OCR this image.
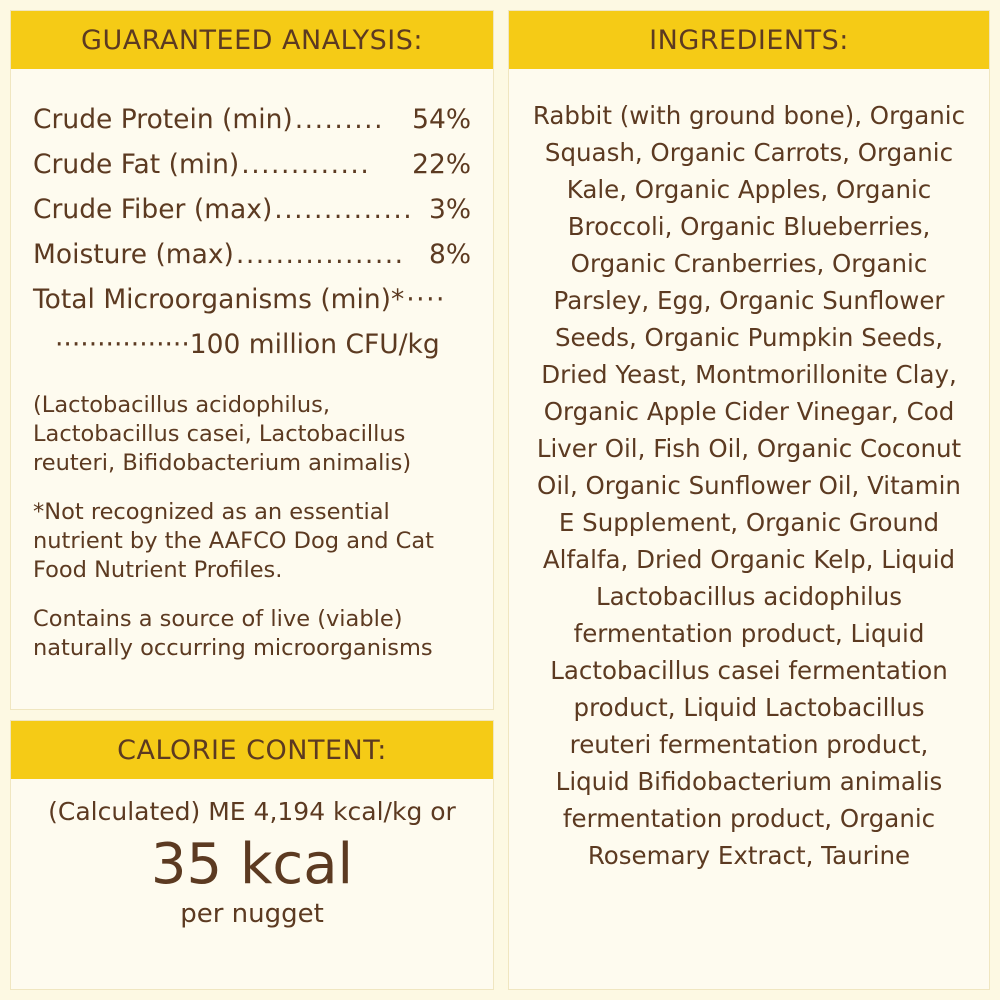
GUARANTEED ANALYSIS:
Crude Protein (min) .........	54%
Crude Fat (min) .............	22%
Crude Fiber (max) .............. 3%
Moisture (max) ................. 8%
Total Microorganisms (min)* ····
················100 million CFU/kg

(Lactobacillus acidophilus, Lactobacillus casei, Lactobacillus reuteri, Bifidobacterium animalis)

*Not recognized as an essential nutrient by the AAFCO Dog and Cat Food Nutrient Profiles.

Contains a source of live (viable) naturally occurring microorganisms

CALORIE CONTENT:
(Calculated) ME 4,194 kcal/kg or
35 kcal
per nugget
INGREDIENTS:
Rabbit (with ground bone), Organic Squash, Organic Carrots, Organic Kale, Organic Apples, Organic Broccoli, Organic Blueberries, Organic Cranberries, Organic Parsley, Egg, Organic Sunflower Seeds, Organic Pumpkin Seeds, Dried Yeast, Montmorillonite Clay, Organic Apple Cider Vinegar, Cod Liver Oil, Fish Oil, Organic Coconut Oil, Organic Sunflower Oil, Vitamin E Supplement, Organic Ground Alfalfa, Dried Organic Kelp, Liquid Lactobacillus acidophilus fermentation product, Liquid Lactobacillus casei fermentation product, Liquid Lactobacillus reuteri fermentation product, Liquid Bifidobacterium animalis fermentation product, Organic Rosemary Extract, Taurine
